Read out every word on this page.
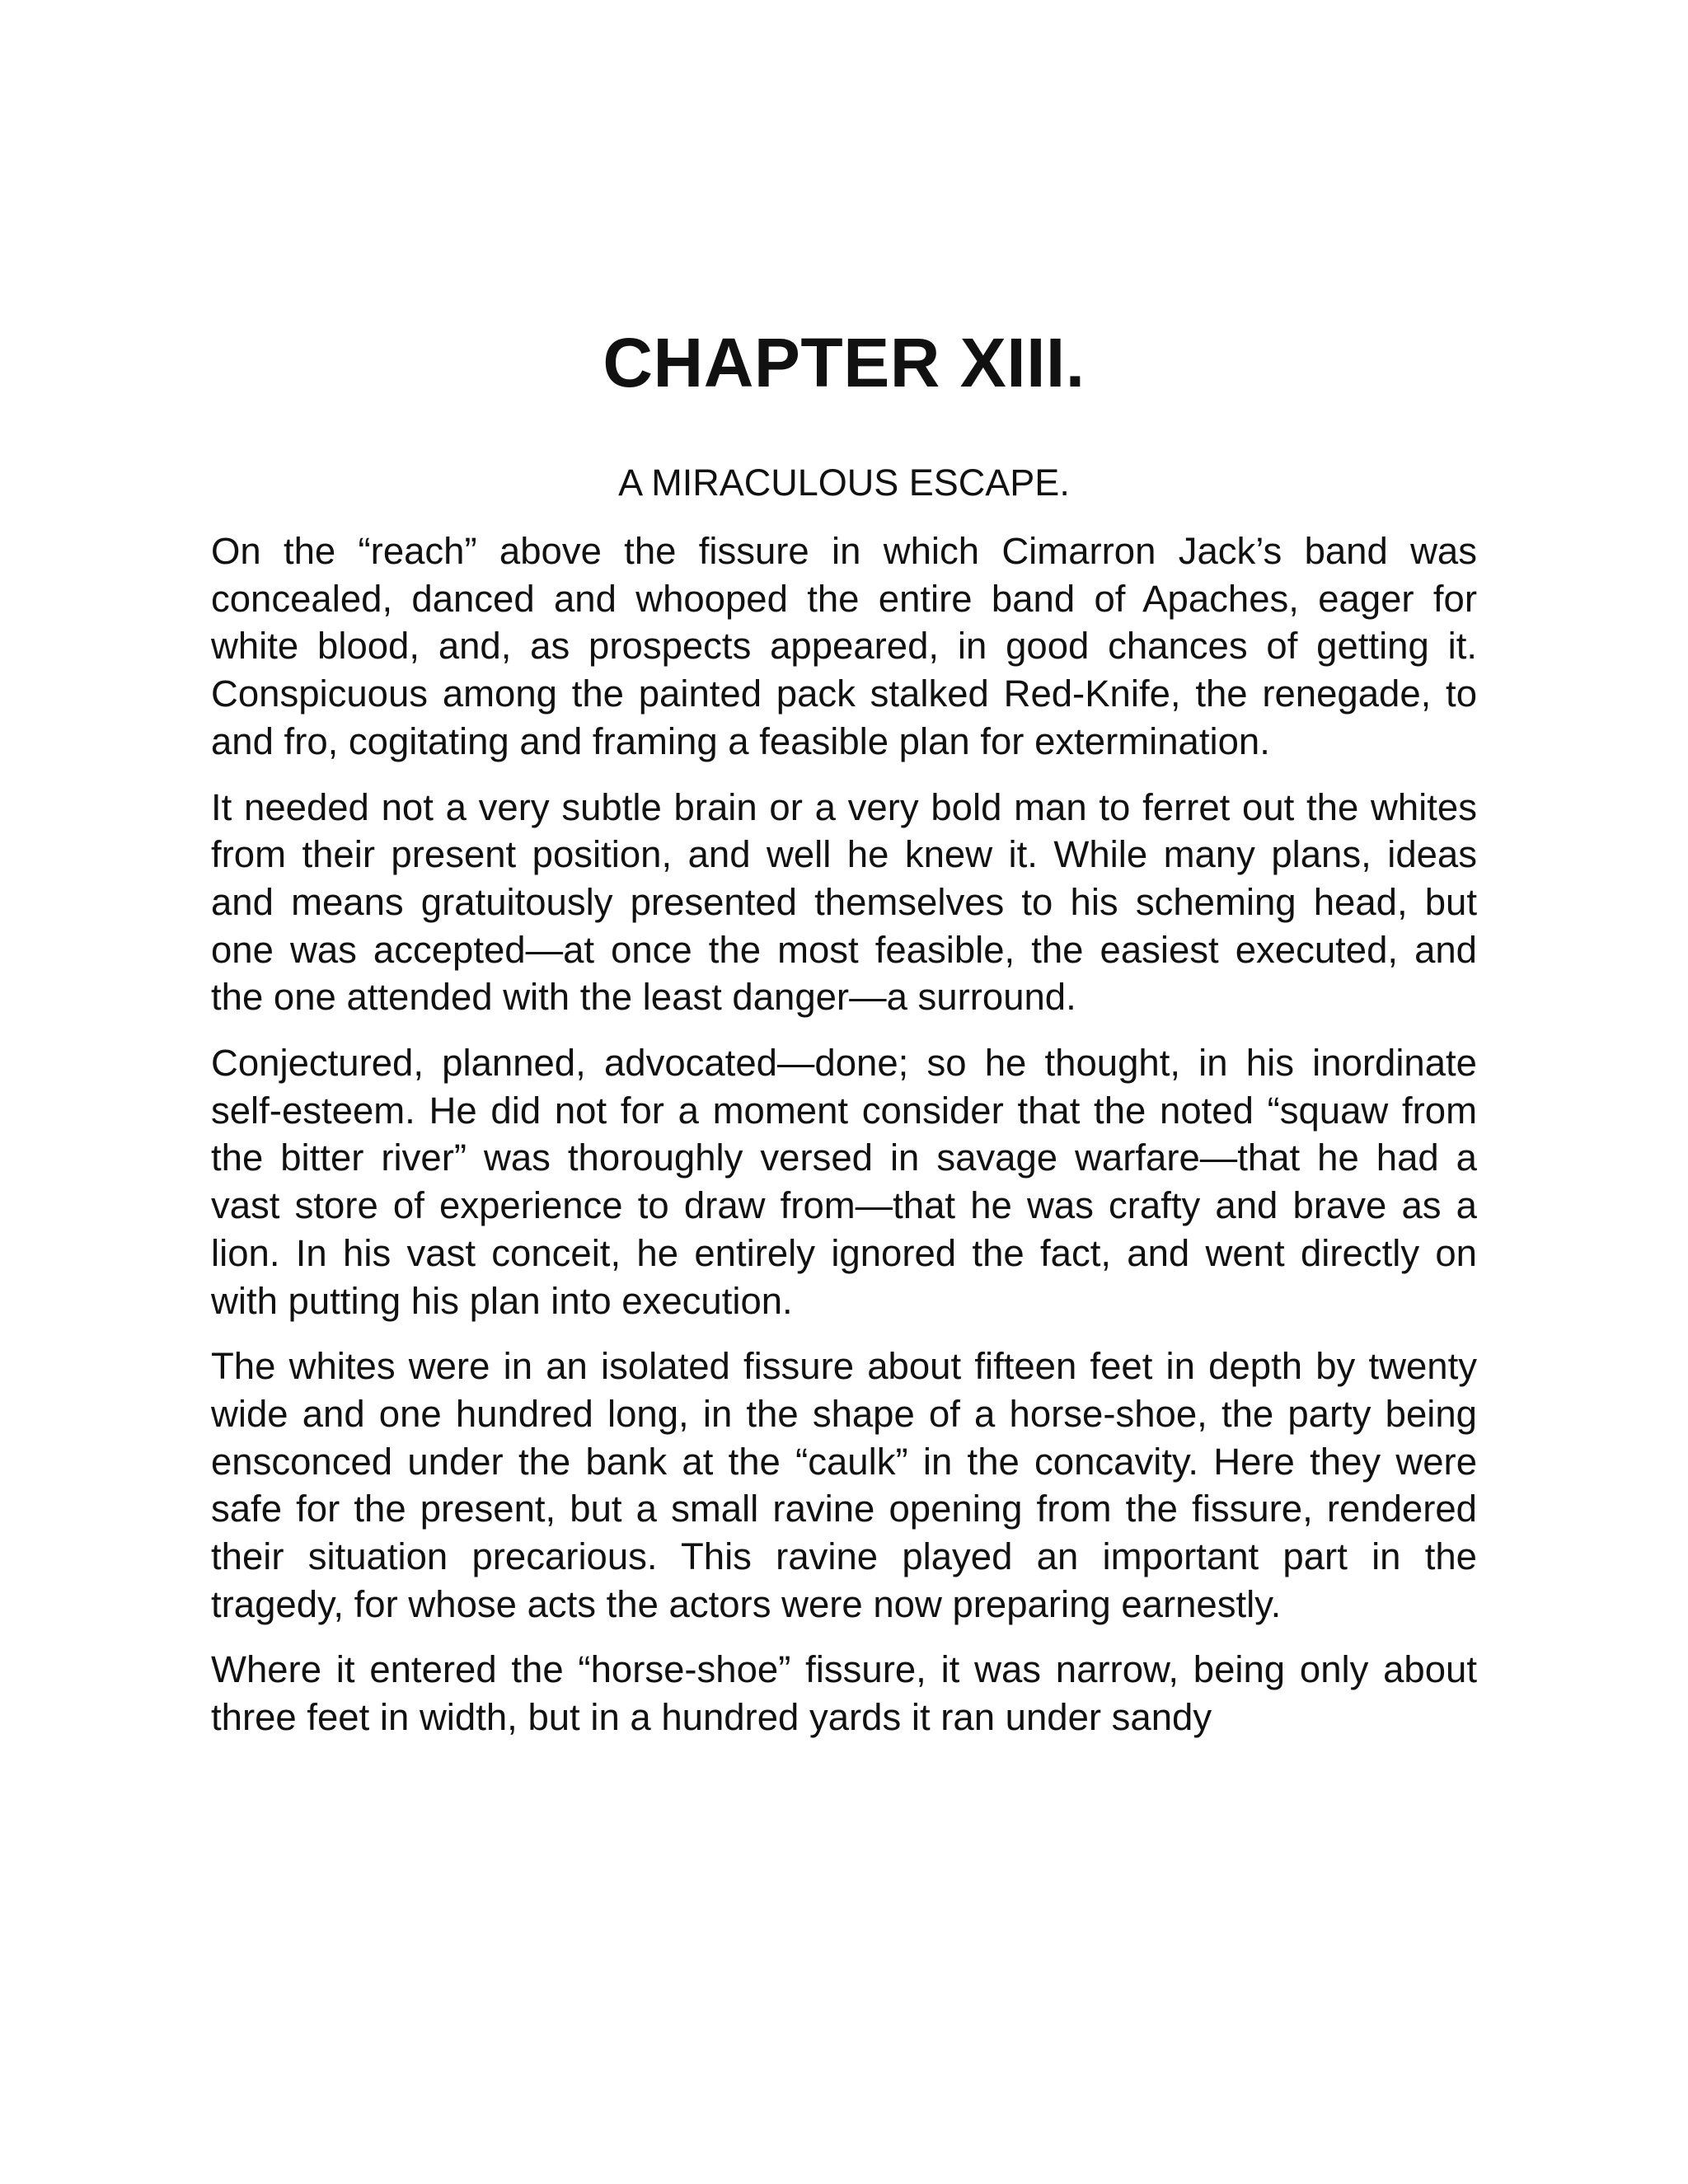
CHAPTER XIII.
A MIRACULOUS ESCAPE.

On the “reach” above the fissure in which Cimarron Jack’s band was concealed, danced and whooped the entire band of Apaches, eager for white blood, and, as prospects appeared, in good chances of getting it. Conspicuous among the painted pack stalked Red-Knife, the renegade, to and fro, cogitating and framing a feasible plan for extermination.

It needed not a very subtle brain or a very bold man to ferret out the whites from their present position, and well he knew it. While many plans, ideas and means gratuitously presented themselves to his scheming head, but one was accepted—at once the most feasible, the easiest executed, and the one attended with the least danger—a surround.

Conjectured, planned, advocated—done; so he thought, in his inordinate self-esteem. He did not for a moment consider that the noted “squaw from the bitter river” was thoroughly versed in savage warfare—that he had a vast store of experience to draw from—that he was crafty and brave as a lion. In his vast conceit, he entirely ignored the fact, and went directly on with putting his plan into execution.

The whites were in an isolated fissure about fifteen feet in depth by twenty wide and one hundred long, in the shape of a horse-shoe, the party being ensconced under the bank at the “caulk” in the concavity. Here they were safe for the present, but a small ravine opening from the fissure, rendered their situation precarious. This ravine played an important part in the tragedy, for whose acts the actors were now preparing earnestly.

Where it entered the “horse-shoe” fissure, it was narrow, being only about three feet in width, but in a hundred yards it ran under sandy
